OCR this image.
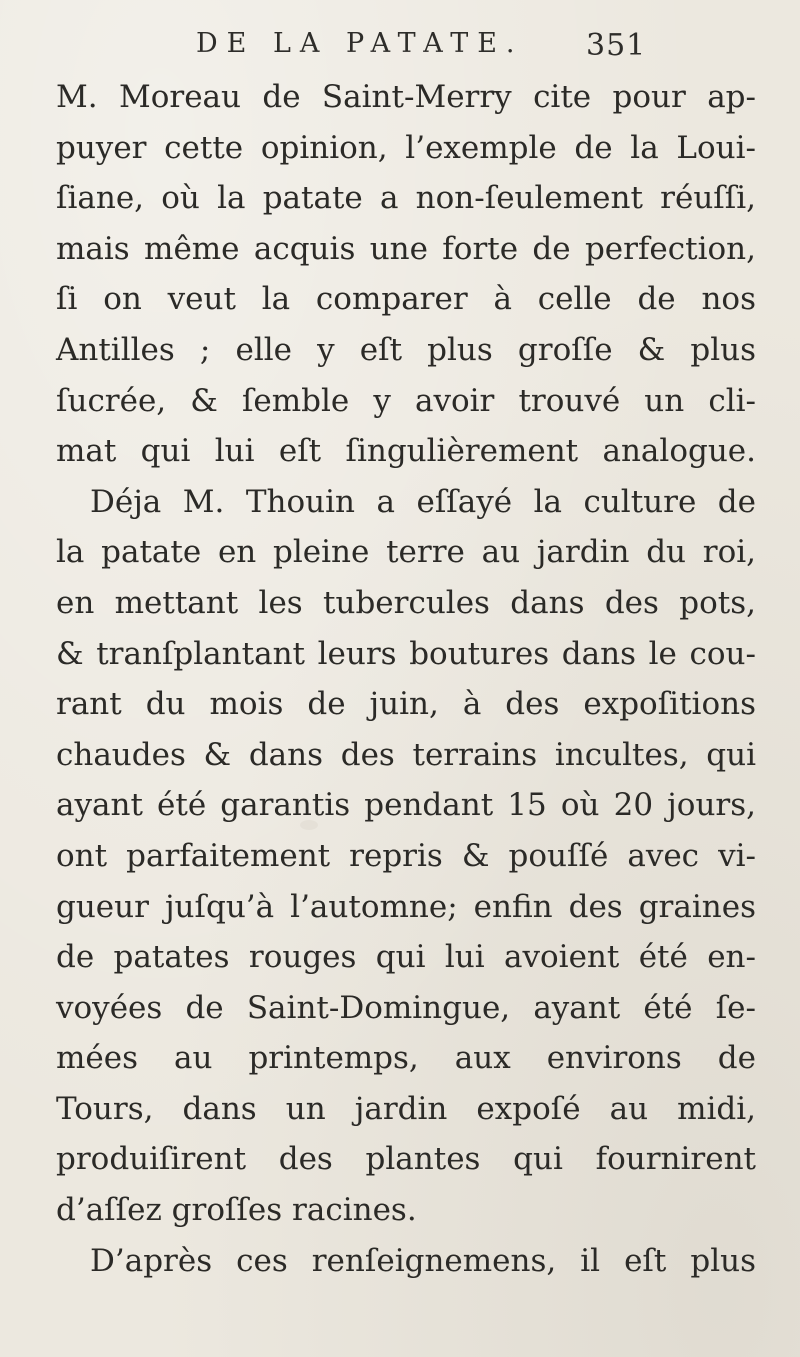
DE LA PATATE. 351
M. Moreau de Saint-Merry cite pour ap-
puyer cette opinion, l’exemple de la Loui-
ſiane, où la patate a non-ſeulement réuſſi,
mais même acquis une forte de perfection,
ſi on veut la comparer à celle de nos
Antilles ; elle y eſt plus groſſe & plus
ſucrée, & ſemble y avoir trouvé un cli-
mat qui lui eſt ſingulièrement analogue.
Déja M. Thouin a eſſayé la culture de
la patate en pleine terre au jardin du roi,
en mettant les tubercules dans des pots,
& tranſplantant leurs boutures dans le cou-
rant du mois de juin, à des expoſitions
chaudes & dans des terrains incultes, qui
ayant été garantis pendant 15 où 20 jours,
ont parfaitement repris & pouſſé avec vi-
gueur juſqu’à l’automne; enfin des graines
de patates rouges qui lui avoient été en-
voyées de Saint-Domingue, ayant été ſe-
mées au printemps, aux environs de
Tours, dans un jardin expoſé au midi,
produiſirent des plantes qui fournirent
d’aſſez groſſes racines.
D’après ces renſeignemens, il eſt plus
